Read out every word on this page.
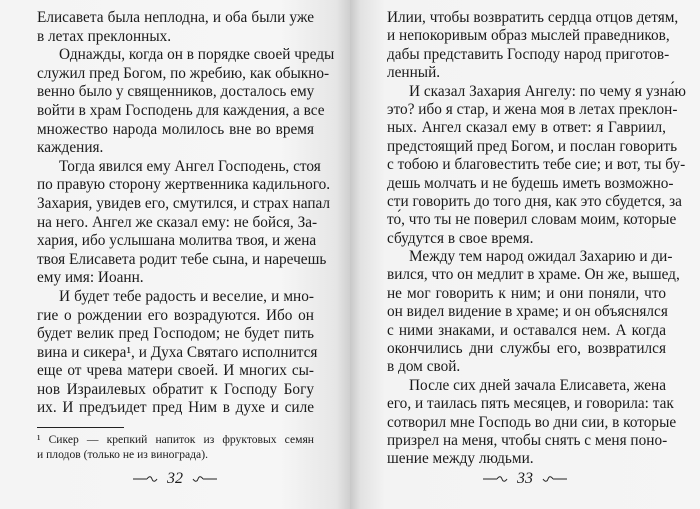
Елисавета была неплодна, и оба были уже
в летах преклонных.
Однажды, когда он в порядке своей чреды
служил пред Богом, по жребию, как обыкно-
венно было у священников, досталось ему
войти в храм Господень для каждения, а все
множество народа молилось вне во время
каждения.
Тогда явился ему Ангел Господень, стоя
по правую сторону жертвенника кадильного.
Захария, увидев его, смутился, и страх напал
на него. Ангел же сказал ему: не бойся, За-
хария, ибо услышана молитва твоя, и жена
твоя Елисавета родит тебе сына, и наречешь
ему имя: Иоанн.
И будет тебе радость и веселие, и мно-
гие о рождении его возрадуются. Ибо он
будет велик пред Господом; не будет пить
вина и сикера¹, и Духа Святаго исполнится
еще от чрева матери своей. И многих сы-
нов Израилевых обратит к Господу Богу
их. И предъидет пред Ним в духе и силе
¹ Сикер — крепкий напиток из фруктовых семян
и плодов (только не из винограда).
32
Илии, чтобы возвратить сердца отцов детям,
и непокоривым образ мыслей праведников,
дабы представить Господу народ приготов-
ленный.
И сказал Захария Ангелу: по чему я узна́ю
это? ибо я стар, и жена моя в летах преклон-
ных. Ангел сказал ему в ответ: я Гавриил,
предстоящий пред Богом, и послан говорить
с тобою и благовестить тебе сие; и вот, ты бу-
дешь молчать и не будешь иметь возможно-
сти говорить до того дня, как это сбудется, за
то́, что ты не поверил словам моим, которые
сбудутся в свое время.
Между тем народ ожидал Захарию и ди-
вился, что он медлит в храме. Он же, вышед,
не мог говорить к ним; и они поняли, что
он видел видение в храме; и он объяснялся
с ними знаками, и оставался нем. А когда
окончились дни службы его, возвратился
в дом свой.
После сих дней зачала Елисавета, жена
его, и таилась пять месяцев, и говорила: так
сотворил мне Господь во дни сии, в которые
призрел на меня, чтобы снять с меня поно-
шение между людьми.
33
